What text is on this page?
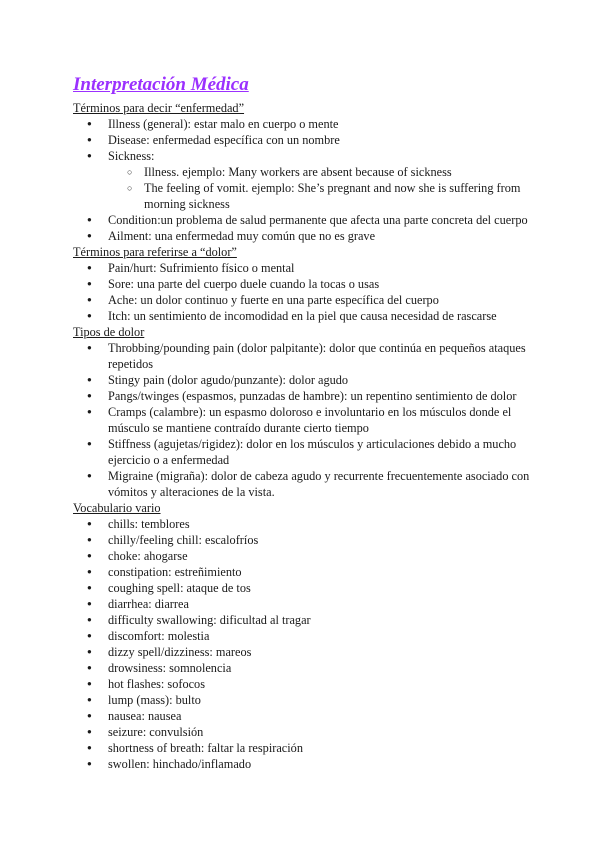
Interpretación Médica

Términos para decir “enfermedad”

● Illness (general): estar malo en cuerpo o mente
● Disease: enfermedad específica con un nombre
● Sickness:
○ Illness. ejemplo: Many workers are absent because of sickness
○ The feeling of vomit. ejemplo: She’s pregnant and now she is suffering from morning sickness
● Condition:un problema de salud permanente que afecta una parte concreta del cuerpo
● Ailment: una enfermedad muy común que no es grave

Términos para referirse a “dolor”

● Pain/hurt: Sufrimiento físico o mental
● Sore: una parte del cuerpo duele cuando la tocas o usas
● Ache: un dolor continuo y fuerte en una parte específica del cuerpo
● Itch: un sentimiento de incomodidad en la piel que causa necesidad de rascarse

Tipos de dolor

● Throbbing/pounding pain (dolor palpitante): dolor que continúa en pequeños ataques repetidos
● Stingy pain (dolor agudo/punzante): dolor agudo
● Pangs/twinges (espasmos, punzadas de hambre): un repentino sentimiento de dolor
● Cramps (calambre): un espasmo doloroso e involuntario en los músculos donde el músculo se mantiene contraído durante cierto tiempo
● Stiffness (agujetas/rigidez): dolor en los músculos y articulaciones debido a mucho ejercicio o a enfermedad
● Migraine (migraña): dolor de cabeza agudo y recurrente frecuentemente asociado con vómitos y alteraciones de la vista.

Vocabulario vario

● chills: temblores
● chilly/feeling chill: escalofríos
● choke: ahogarse
● constipation: estreñimiento
● coughing spell: ataque de tos
● diarrhea: diarrea
● difficulty swallowing: dificultad al tragar
● discomfort: molestia
● dizzy spell/dizziness: mareos
● drowsiness: somnolencia
● hot flashes: sofocos
● lump (mass): bulto
● nausea: nausea
● seizure: convulsión
● shortness of breath: faltar la respiración
● swollen: hinchado/inflamado
